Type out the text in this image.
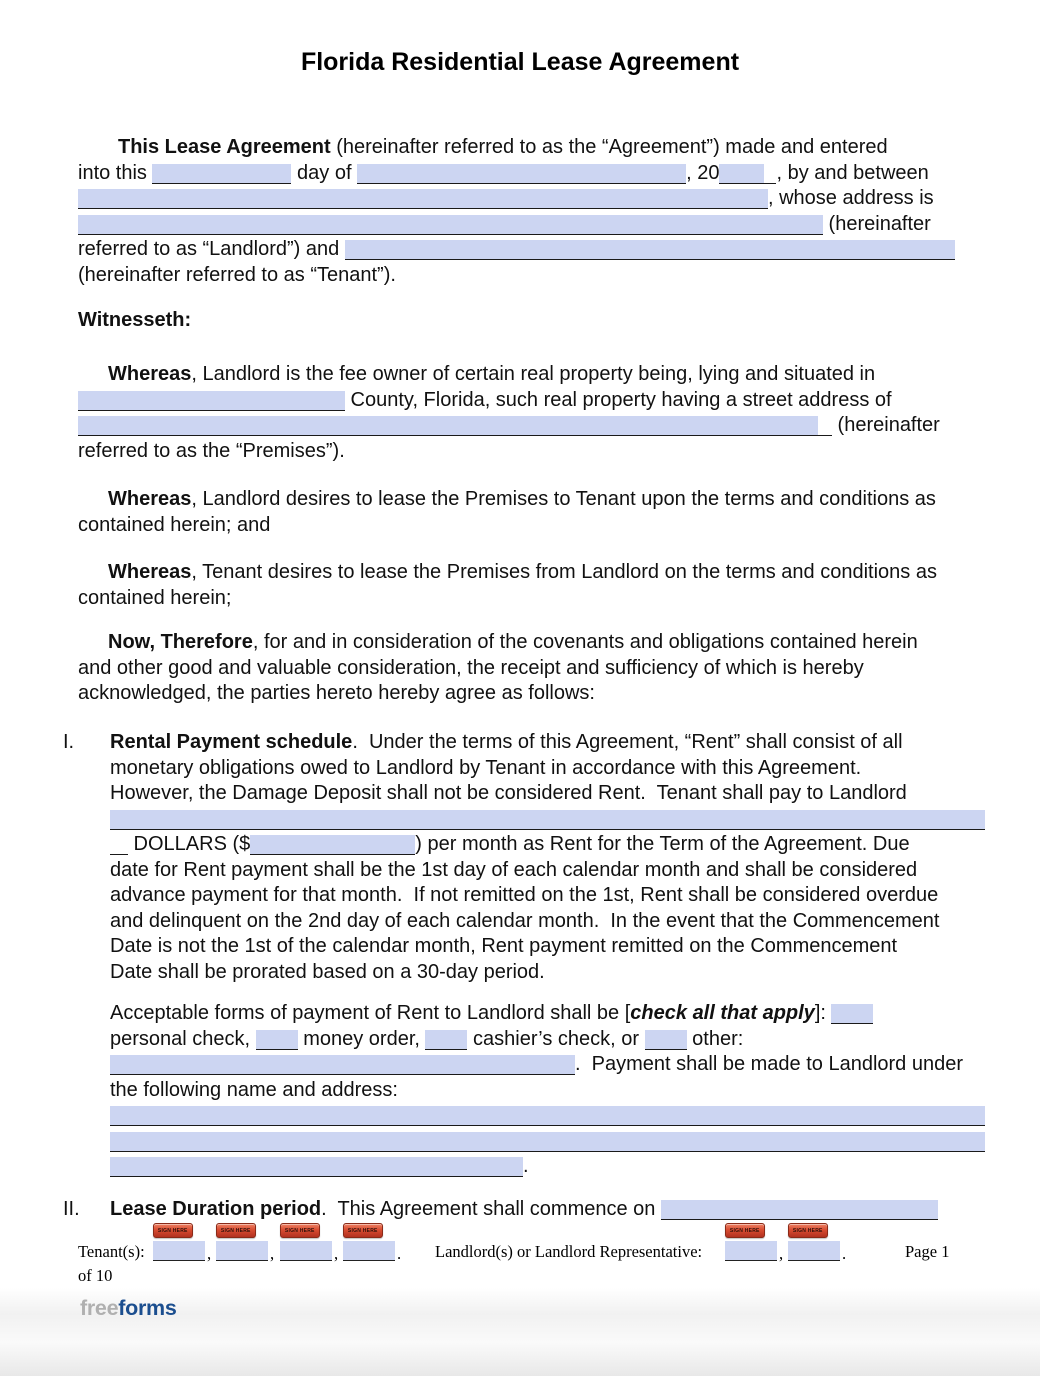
Florida Residential Lease Agreement
This Lease Agreement (hereinafter referred to as the “Agreement”) made and entered
into this	day of	, 20	, by and between
, whose address is
(hereinafter
referred to as “Landlord”) and
(hereinafter referred to as “Tenant”).
Witnesseth:
Whereas, Landlord is the fee owner of certain real property being, lying and situated in
County, Florida, such real property having a street address of
(hereinafter
referred to as the “Premises”).
Whereas, Landlord desires to lease the Premises to Tenant upon the terms and conditions as
contained herein; and
Whereas, Tenant desires to lease the Premises from Landlord on the terms and conditions as
contained herein;
Now, Therefore, for and in consideration of the covenants and obligations contained herein
and other good and valuable consideration, the receipt and sufficiency of which is hereby
acknowledged, the parties hereto hereby agree as follows:
I. Rental Payment schedule.  Under the terms of this Agreement, “Rent” shall consist of all
monetary obligations owed to Landlord by Tenant in accordance with this Agreement.
However, the Damage Deposit shall not be considered Rent.  Tenant shall pay to Landlord
DOLLARS ($	) per month as Rent for the Term of the Agreement. Due
date for Rent payment shall be the 1st day of each calendar month and shall be considered
advance payment for that month.  If not remitted on the 1st, Rent shall be considered overdue
and delinquent on the 2nd day of each calendar month.  In the event that the Commencement
Date is not the 1st of the calendar month, Rent payment remitted on the Commencement
Date shall be prorated based on a 30-day period.
Acceptable forms of payment of Rent to Landlord shall be [check all that apply]:
personal check,  money order,  cashier’s check, or  other:
.  Payment shall be made to Landlord under
the following name and address:
.
II. Lease Duration period.  This Agreement shall commence on
Tenant(s):
SIGN HERE
,
SIGN HERE
,
SIGN HERE
,
SIGN HERE
. Landlord(s) or Landlord Representative:
SIGN HERE
,
SIGN HERE
.	Page 1
of 10
freeforms
